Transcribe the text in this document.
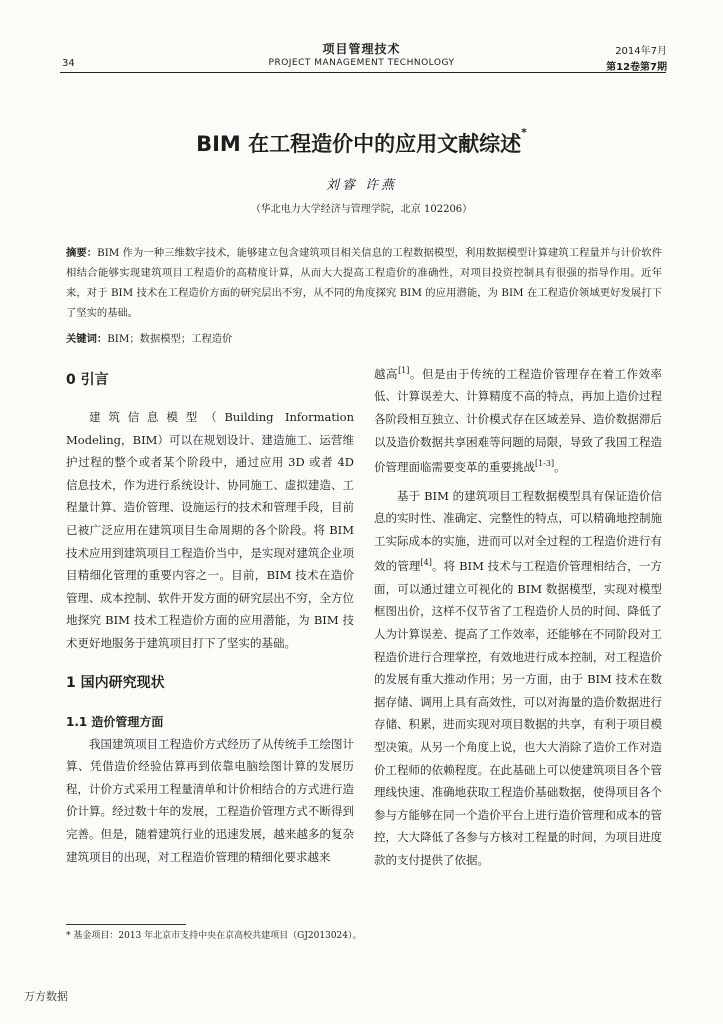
34
项目管理技术
PROJECT MANAGEMENT TECHNOLOGY
2014年7月
第12卷第7期
BIM 在工程造价中的应用文献综述*
刘睿 许燕
（华北电力大学经济与管理学院，北京 102206）
摘要：BIM 作为一种三维数字技术，能够建立包含建筑项目相关信息的工程数据模型，利用数据模型计算建筑工程量并与计价软件相结合能够实现建筑项目工程造价的高精度计算，从而大大提高工程造价的准确性，对项目投资控制具有很强的指导作用。近年来，对于 BIM 技术在工程造价方面的研究层出不穷，从不同的角度探究 BIM 的应用潜能，为 BIM 在工程造价领域更好发展打下了坚实的基础。
关键词：BIM；数据模型；工程造价
0 引言

建筑信息模型（Building Information Modeling，BIM）可以在规划设计、建造施工、运营维护过程的整个或者某个阶段中，通过应用 3D 或者 4D 信息技术，作为进行系统设计、协同施工、虚拟建造、工程量计算、造价管理、设施运行的技术和管理手段，目前已被广泛应用在建筑项目生命周期的各个阶段。将 BIM 技术应用到建筑项目工程造价当中，是实现对建筑企业项目精细化管理的重要内容之一。目前，BIM 技术在造价管理、成本控制、软件开发方面的研究层出不穷，全方位地探究 BIM 技术工程造价方面的应用潜能，为 BIM 技术更好地服务于建筑项目打下了坚实的基础。

1 国内研究现状
1.1 造价管理方面

我国建筑项目工程造价方式经历了从传统手工绘图计算、凭借造价经验估算再到依靠电脑绘图计算的发展历程，计价方式采用工程量清单和计价相结合的方式进行造价计算。经过数十年的发展，工程造价管理方式不断得到完善。但是，随着建筑行业的迅速发展，越来越多的复杂建筑项目的出现，对工程造价管理的精细化要求越来

越高[1]。但是由于传统的工程造价管理存在着工作效率低、计算误差大、计算精度不高的特点，再加上造价过程各阶段相互独立、计价模式存在区域差异、造价数据滞后以及造价数据共享困难等问题的局限，导致了我国工程造价管理面临需要变革的重要挑战[1-3]。

基于 BIM 的建筑项目工程数据模型具有保证造价信息的实时性、准确定、完整性的特点，可以精确地控制施工实际成本的实施，进而可以对全过程的工程造价进行有效的管理[4]。将 BIM 技术与工程造价管理相结合，一方面，可以通过建立可视化的 BIM 数据模型，实现对模型框图出价，这样不仅节省了工程造价人员的时间、降低了人为计算误差、提高了工作效率，还能够在不同阶段对工程造价进行合理掌控，有效地进行成本控制，对工程造价的发展有重大推动作用；另一方面，由于 BIM 技术在数据存储、调用上具有高效性，可以对海量的造价数据进行存储、积累，进而实现对项目数据的共享，有利于项目模型决策。从另一个角度上说，也大大消除了造价工作对造价工程师的依赖程度。在此基础上可以使建筑项目各个管理线快速、准确地获取工程造价基础数据，使得项目各个参与方能够在同一个造价平台上进行造价管理和成本的管控，大大降低了各参与方核对工程量的时间，为项目进度款的支付提供了依据。

* 基金项目：2013 年北京市支持中央在京高校共建项目（GJ2013024）。
万方数据
